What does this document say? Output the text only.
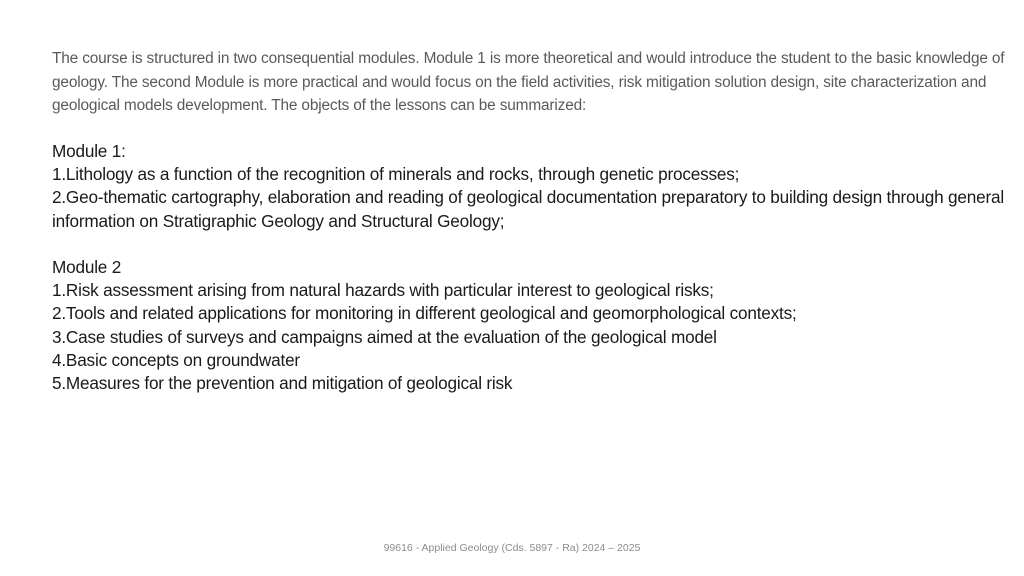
The course is structured in two consequential modules. Module 1 is more theoretical and would introduce the student to the basic knowledge of geology. The second Module is more practical and would focus on the field activities, risk mitigation solution design, site characterization and geological models development. The objects of the lessons can be summarized:

Module 1:
1.Lithology as a function of the recognition of minerals and rocks, through genetic processes;
2.Geo-thematic cartography, elaboration and reading of geological documentation preparatory to building design through general information on Stratigraphic Geology and Structural Geology;
Module 2
1.Risk assessment arising from natural hazards with particular interest to geological risks;
2.Tools and related applications for monitoring in different geological and geomorphological contexts;
3.Case studies of surveys and campaigns aimed at the evaluation of the geological model
4.Basic concepts on groundwater
5.Measures for the prevention and mitigation of geological risk
99616 - Applied Geology (Cds. 5897 - Ra) 2024 – 2025
